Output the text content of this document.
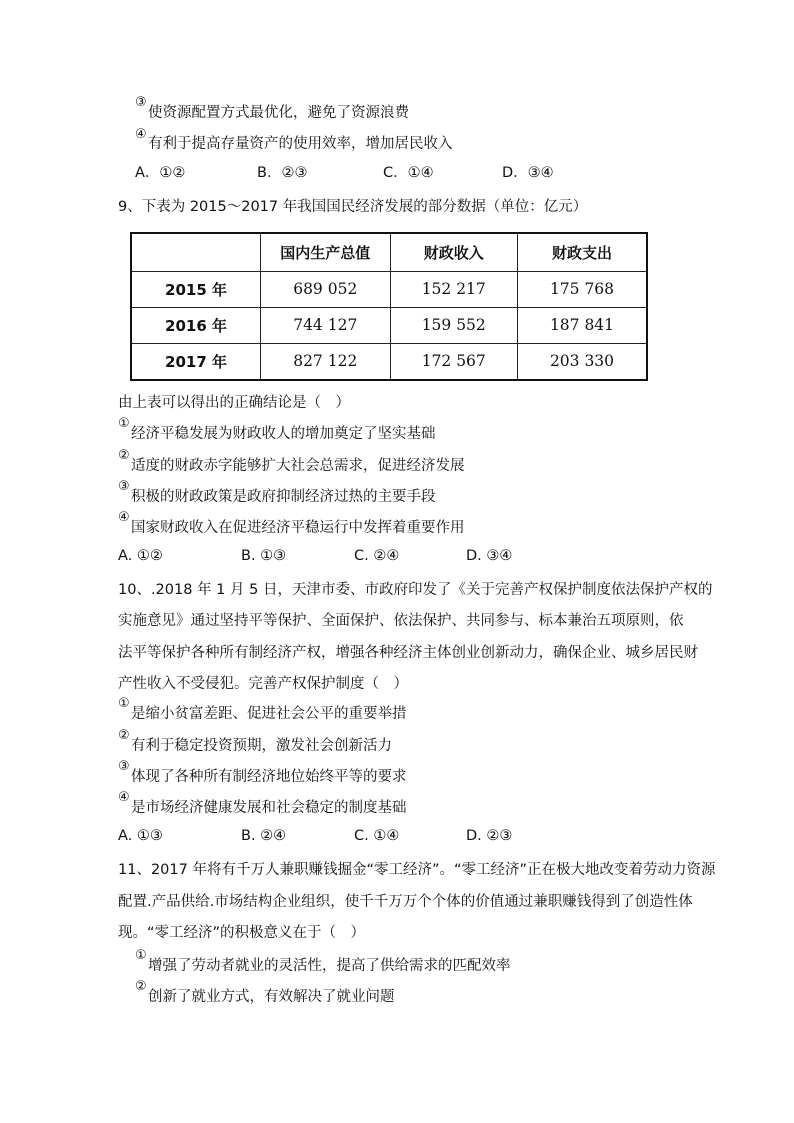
③
使资源配置方式最优化，避免了资源浪费
④
有利于提高存量资产的使用效率，增加居民收入
A．①②	B．②③	C．①④	D．③④
9、下表为 2015～2017 年我国国民经济发展的部分数据（单位：亿元）
	国内生产总值	财政收入	财政支出
2015 年	689 052	152 217	175 768
2016 年	744 127	159 552	187 841
2017 年	827 122	172 567	203 330
由上表可以得出的正确结论是（　）
①
经济平稳发展为财政收人的增加奠定了坚实基础
②
适度的财政赤字能够扩大社会总需求，促进经济发展
③
积极的财政政策是政府抑制经济过热的主要手段
④
国家财政收入在促进经济平稳运行中发挥着重要作用
A. ①②	B. ①③	C. ②④	D. ③④
10、.2018 年 1 月 5 日，天津市委、市政府印发了《关于完善产权保护制度依法保护产权的
实施意见》通过坚持平等保护、全面保护、依法保护、共同参与、标本兼治五项原则，依
法平等保护各种所有制经济产权，增强各种经济主体创业创新动力，确保企业、城乡居民财
产性收入不受侵犯。完善产权保护制度（　）
①
是缩小贫富差距、促进社会公平的重要举措
②
有利于稳定投资预期，激发社会创新活力
③
体现了各种所有制经济地位始终平等的要求
④
是市场经济健康发展和社会稳定的制度基础
A. ①③	B. ②④	C. ①④	D. ②③
11、2017 年将有千万人兼职赚钱掘金“零工经济”。“零工经济”正在极大地改变着劳动力资源
配置.产品供给.市场结构企业组织，使千千万万个个体的价值通过兼职赚钱得到了创造性体
现。“零工经济”的积极意义在于（　）
①
增强了劳动者就业的灵活性，提高了供给需求的匹配效率
②
创新了就业方式，有效解决了就业问题
